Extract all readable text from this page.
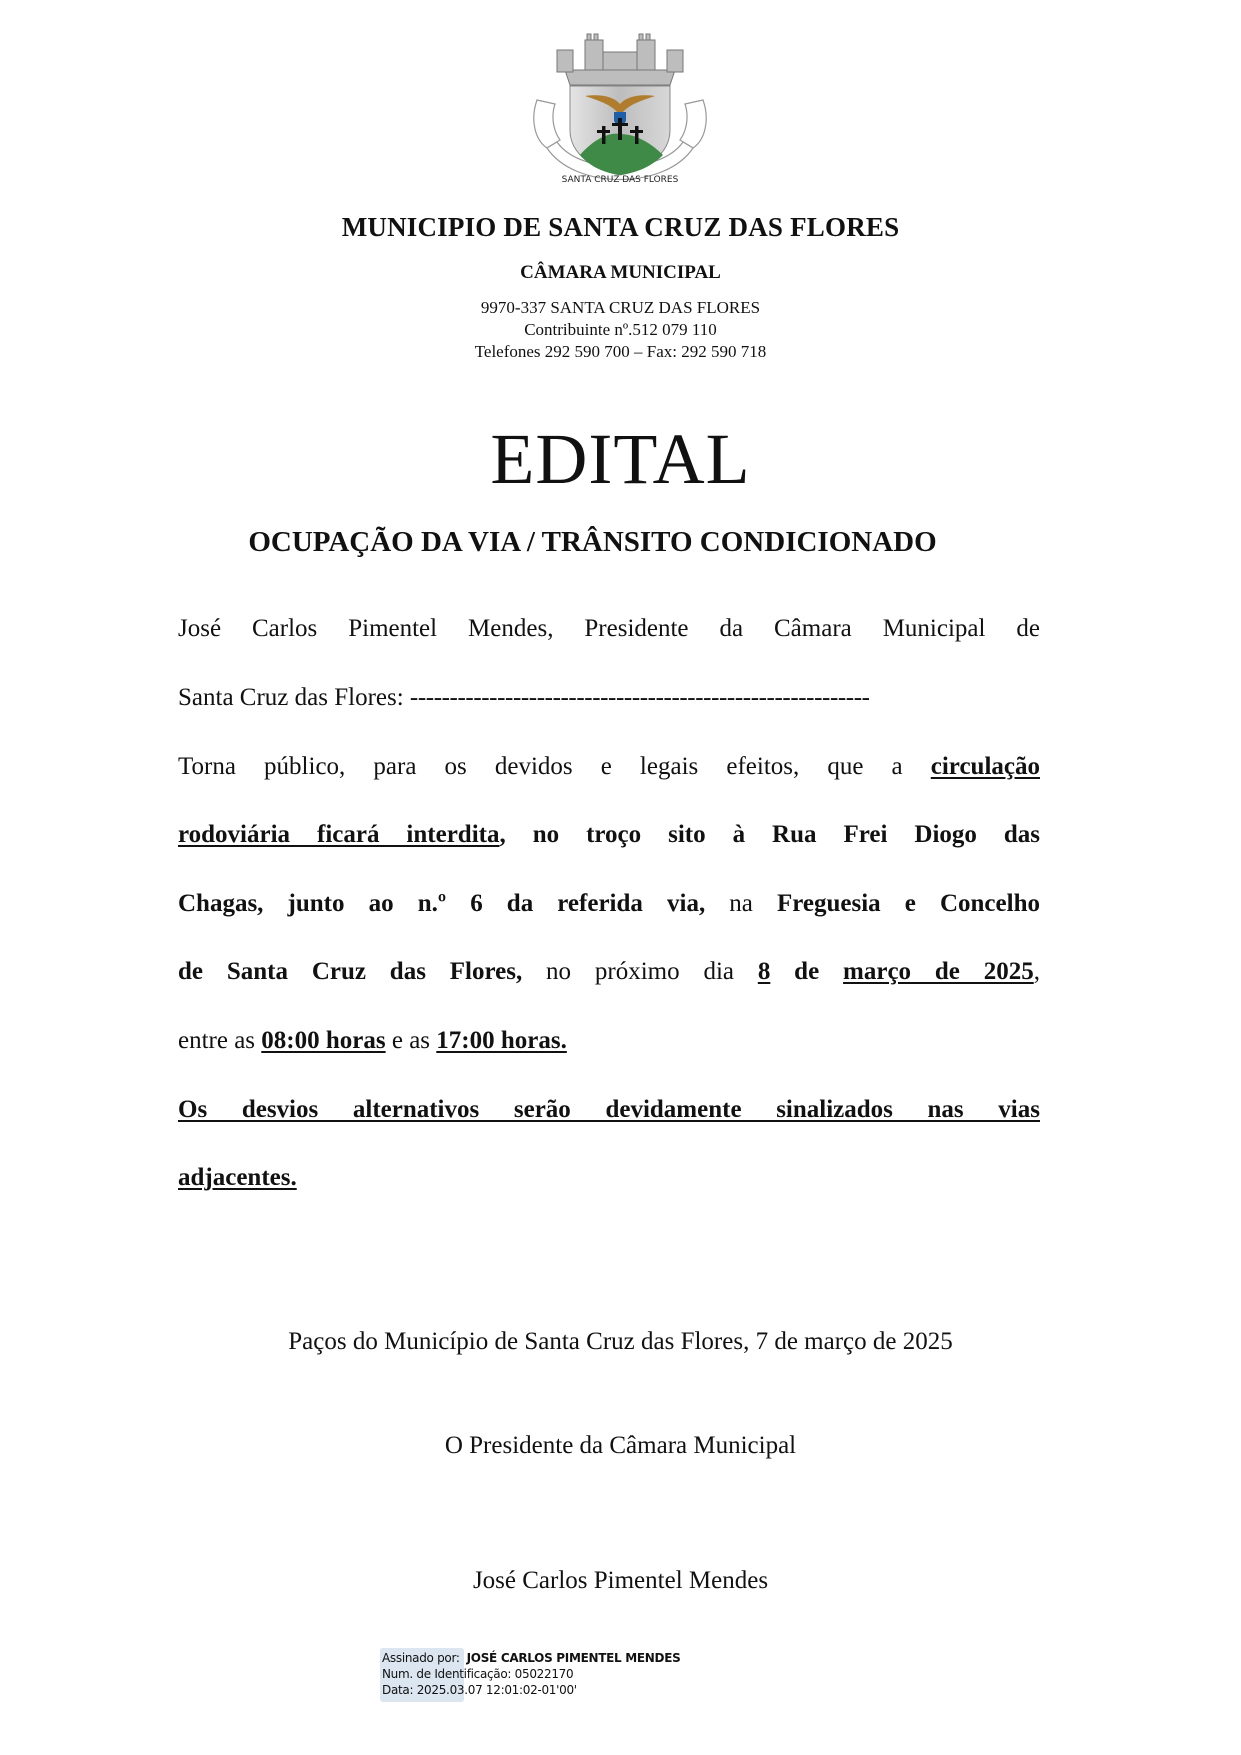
SANTA CRUZ DAS FLORES
MUNICIPIO DE SANTA CRUZ DAS FLORES
CÂMARA MUNICIPAL
9970-337 SANTA CRUZ DAS FLORES
Contribuinte nº.512 079 110
Telefones 292 590 700 – Fax: 292 590 718
EDITAL
OCUPAÇÃO DA VIA / TRÂNSITO CONDICIONADO
José Carlos Pimentel Mendes, Presidente da Câmara Municipal de
Santa Cruz das Flores: ----------------------------------------------------------
Torna público, para os devidos e legais efeitos, que a circulação
rodoviária ficará interdita, no troço sito à Rua Frei Diogo das
Chagas, junto ao n.º 6 da referida via, na Freguesia e Concelho
de Santa Cruz das Flores, no próximo dia 8 de março de 2025,
entre as 08:00 horas e as 17:00 horas.
Os desvios alternativos serão devidamente sinalizados nas vias
adjacentes.
Paços do Município de Santa Cruz das Flores, 7 de março de 2025
O Presidente da Câmara Municipal
José Carlos Pimentel Mendes
Assinado por: JOSÉ CARLOS PIMENTEL MENDES
Num. de Identificação: 05022170
Data: 2025.03.07 12:01:02-01'00'
